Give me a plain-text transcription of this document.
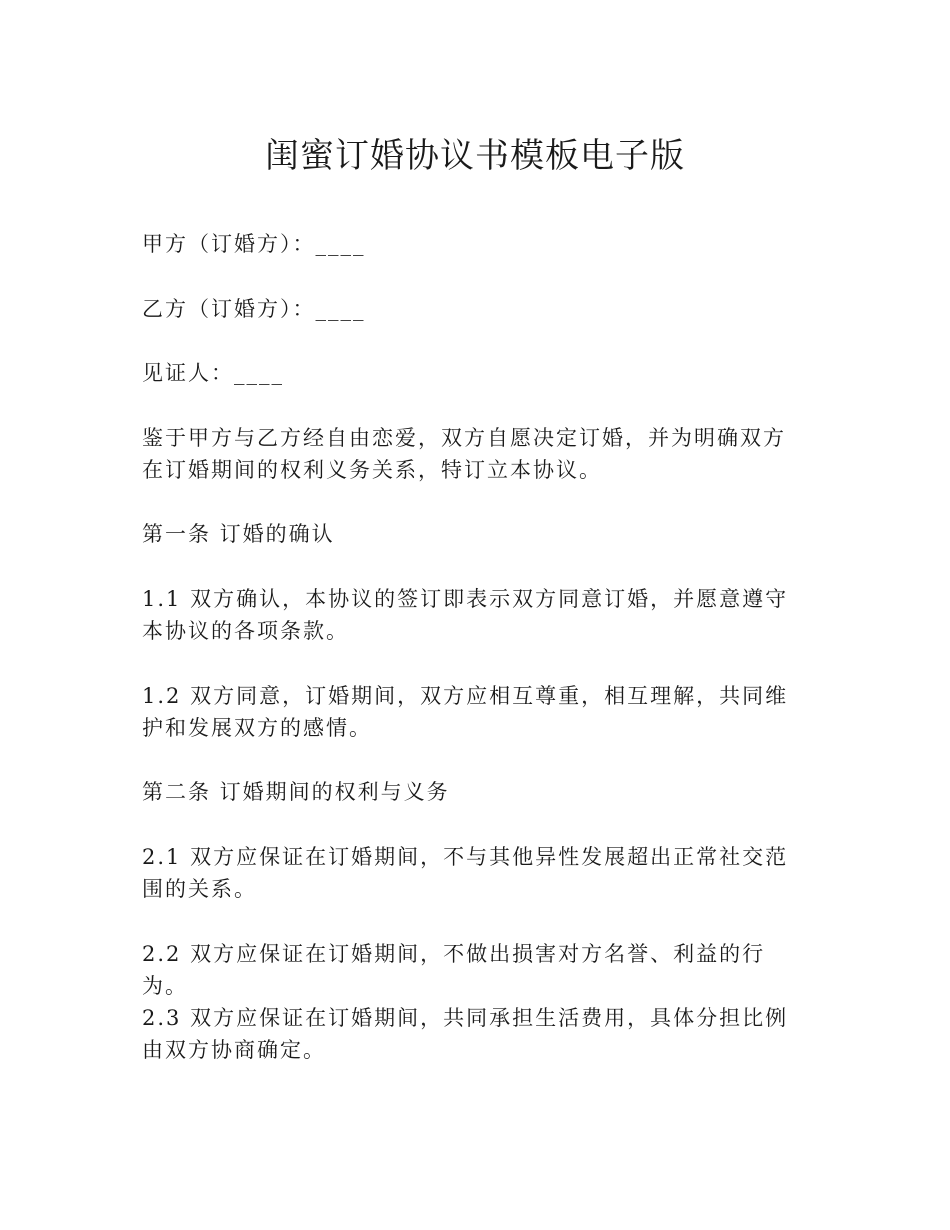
闺蜜订婚协议书模板电子版

甲方（订婚方）：____

乙方（订婚方）：____

见证人：____

鉴于甲方与乙方经自由恋爱，双方自愿决定订婚，并为明确双方在订婚期间的权利义务关系，特订立本协议。

第一条 订婚的确认

1.1 双方确认，本协议的签订即表示双方同意订婚，并愿意遵守本协议的各项条款。

1.2 双方同意，订婚期间，双方应相互尊重，相互理解，共同维护和发展双方的感情。

第二条 订婚期间的权利与义务

2.1 双方应保证在订婚期间，不与其他异性发展超出正常社交范围的关系。

2.2 双方应保证在订婚期间，不做出损害对方名誉、利益的行为。

2.3 双方应保证在订婚期间，共同承担生活费用，具体分担比例由双方协商确定。
